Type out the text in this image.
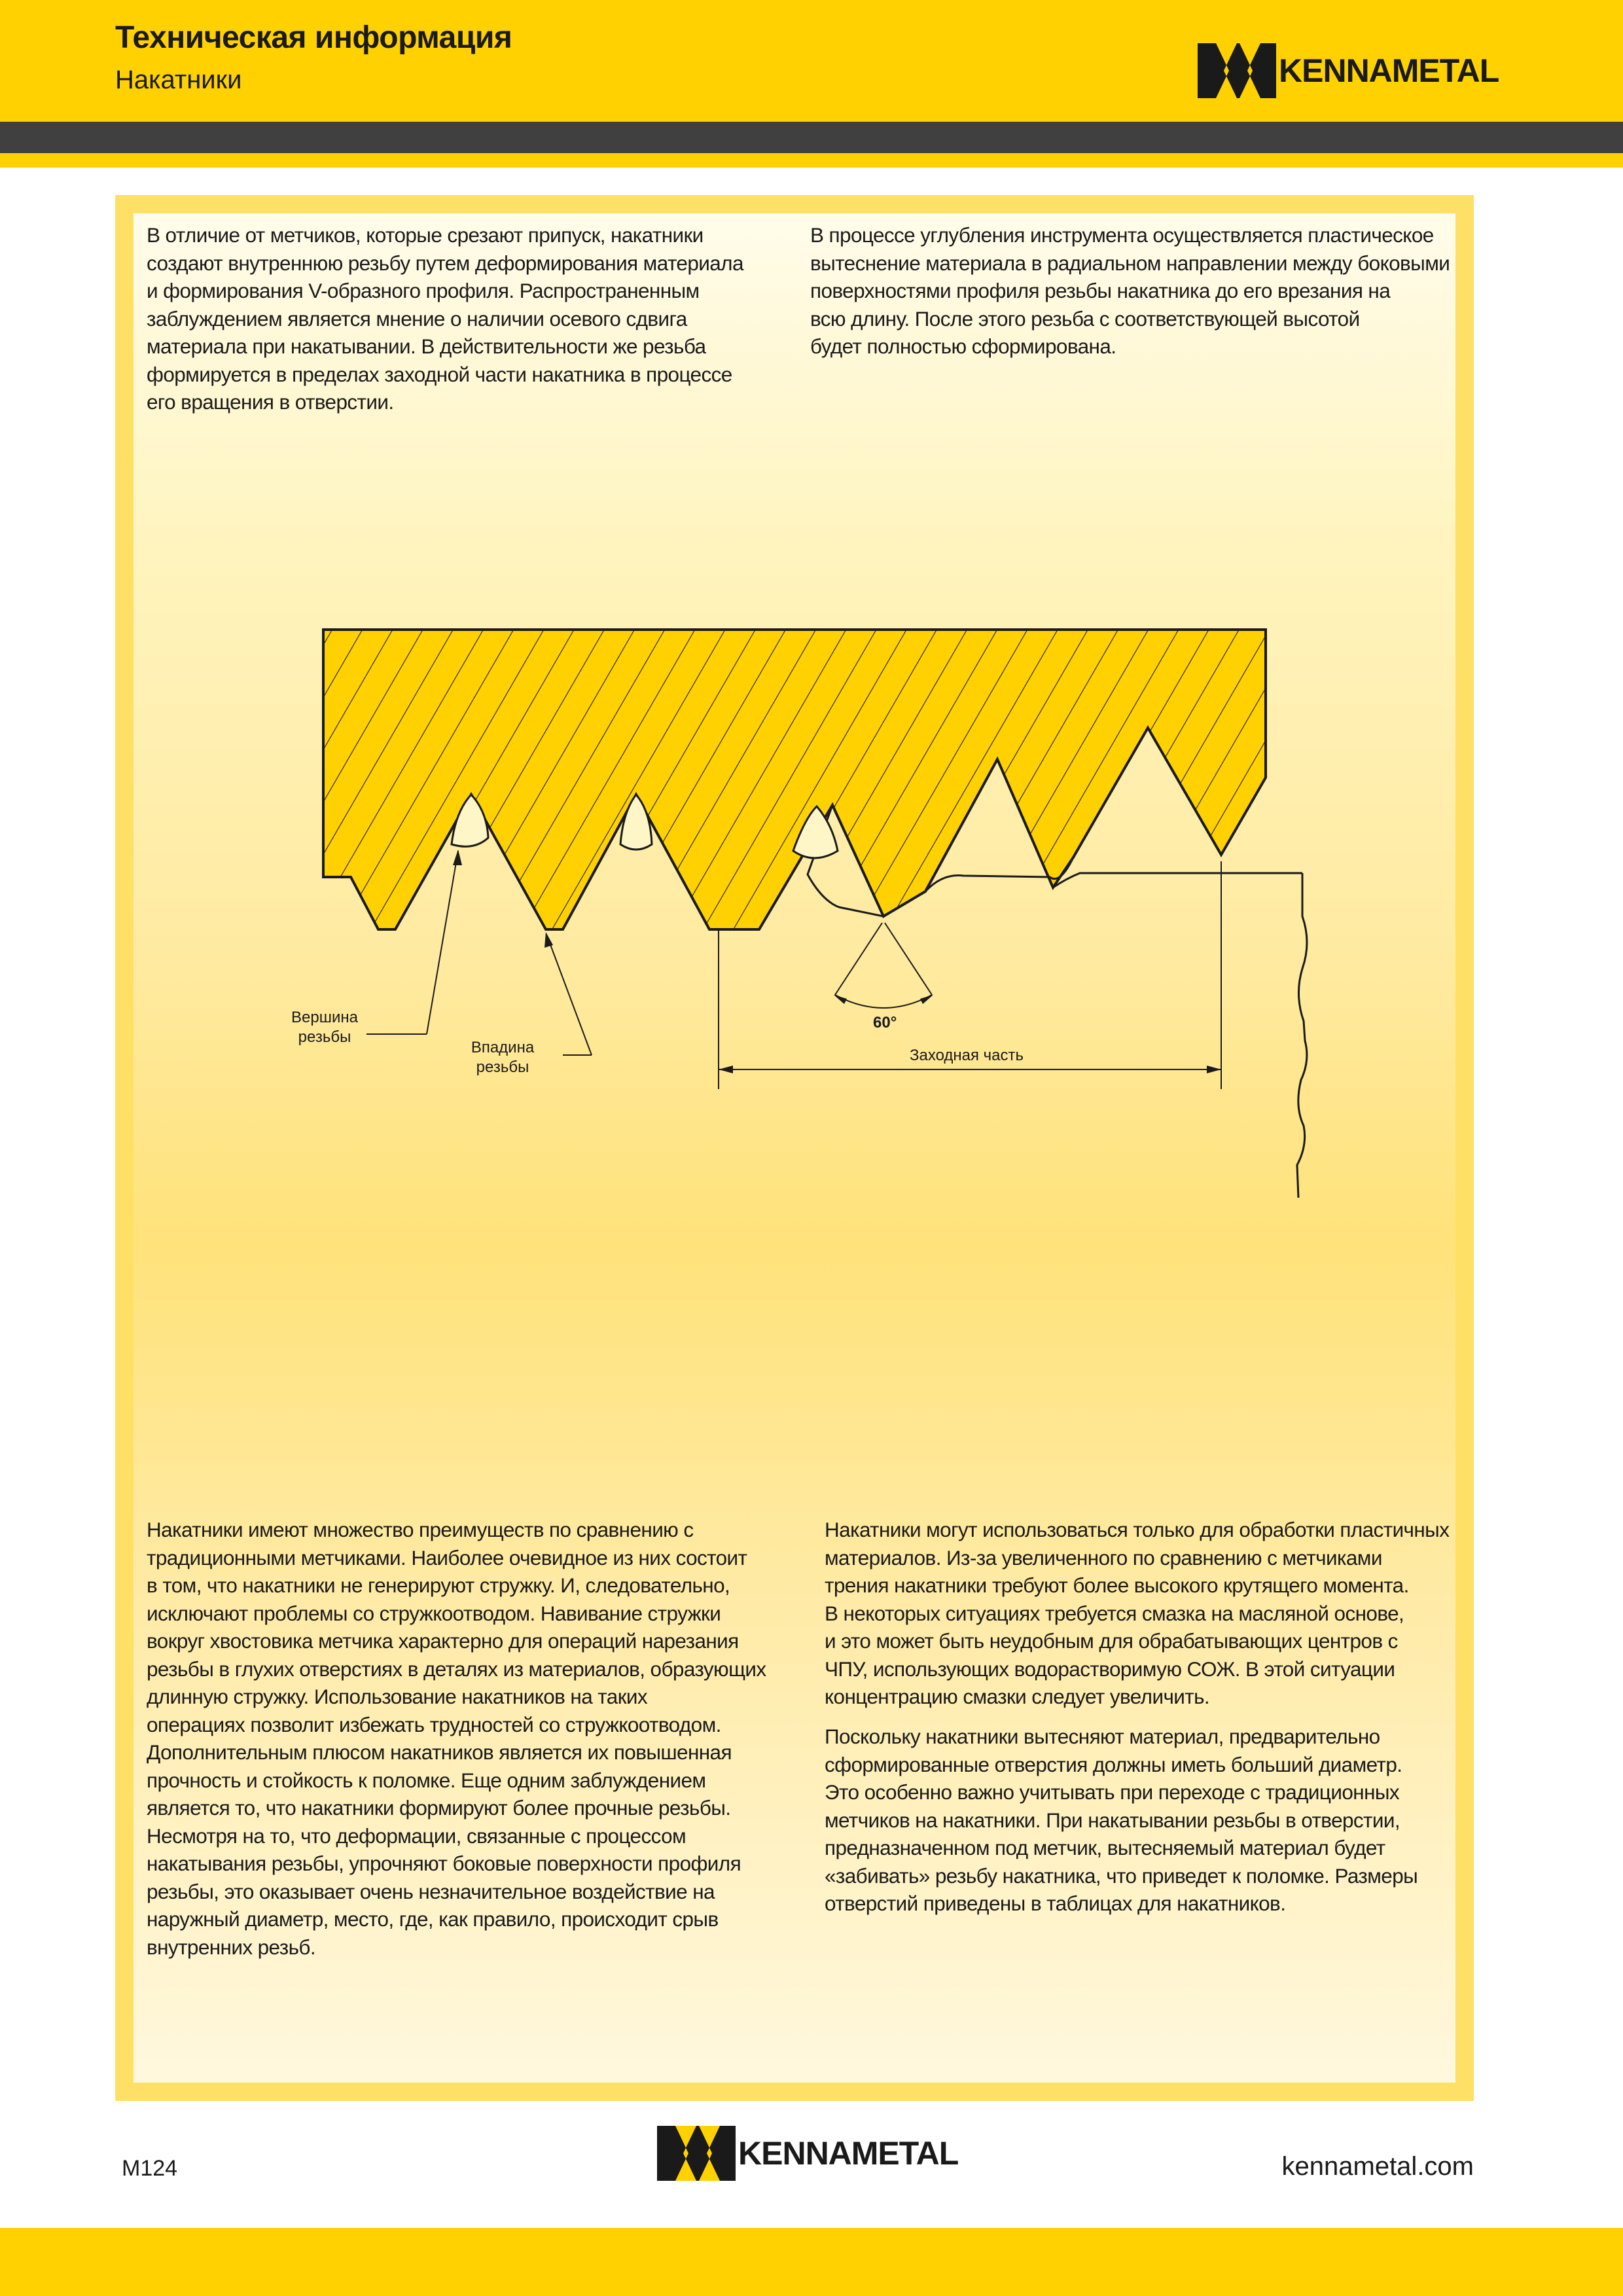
Техническая информация
Накатники	KENNAMETAL
В отличие от метчиков, которые срезают припуск, накатники
создают внутреннюю резьбу путем деформирования материала
и формирования V-образного профиля. Распространенным
заблуждением является мнение о наличии осевого сдвига
материала при накатывании. В действительности же резьба
формируется в пределах заходной части накатника в процессе
его вращения в отверстии.
В процессе углубления инструмента осуществляется пластическое
вытеснение материала в радиальном направлении между боковыми
поверхностями профиля резьбы накатника до его врезания на
всю длину. После этого резьба с соответствующей высотой
будет полностью сформирована.
60°
Заходная часть
Вершина
резьбы
Впадина
резьбы
Накатники имеют множество преимуществ по сравнению с
традиционными метчиками. Наиболее очевидное из них состоит
в том, что накатники не генерируют стружку. И, следовательно,
исключают проблемы со стружкоотводом. Навивание стружки
вокруг хвостовика метчика характерно для операций нарезания
резьбы в глухих отверстиях в деталях из материалов, образующих
длинную стружку. Использование накатников на таких
операциях позволит избежать трудностей со стружкоотводом.
Дополнительным плюсом накатников является их повышенная
прочность и стойкость к поломке. Еще одним заблуждением
является то, что накатники формируют более прочные резьбы.
Несмотря на то, что деформации, связанные с процессом
накатывания резьбы, упрочняют боковые поверхности профиля
резьбы, это оказывает очень незначительное воздействие на
наружный диаметр, место, где, как правило, происходит срыв
внутренних резьб.
Накатники могут использоваться только для обработки пластичных
материалов. Из-за увеличенного по сравнению с метчиками
трения накатники требуют более высокого крутящего момента.
В некоторых ситуациях требуется смазка на масляной основе,
и это может быть неудобным для обрабатывающих центров с
ЧПУ, использующих водорастворимую СОЖ. В этой ситуации
концентрацию смазки следует увеличить.
Поскольку накатники вытесняют материал, предварительно
сформированные отверстия должны иметь больший диаметр.
Это особенно важно учитывать при переходе с традиционных
метчиков на накатники. При накатывании резьбы в отверстии,
предназначенном под метчик, вытесняемый материал будет
«забивать» резьбу накатника, что приведет к поломке. Размеры
отверстий приведены в таблицах для накатников.
M124	KENNAMETAL	kennametal.com
